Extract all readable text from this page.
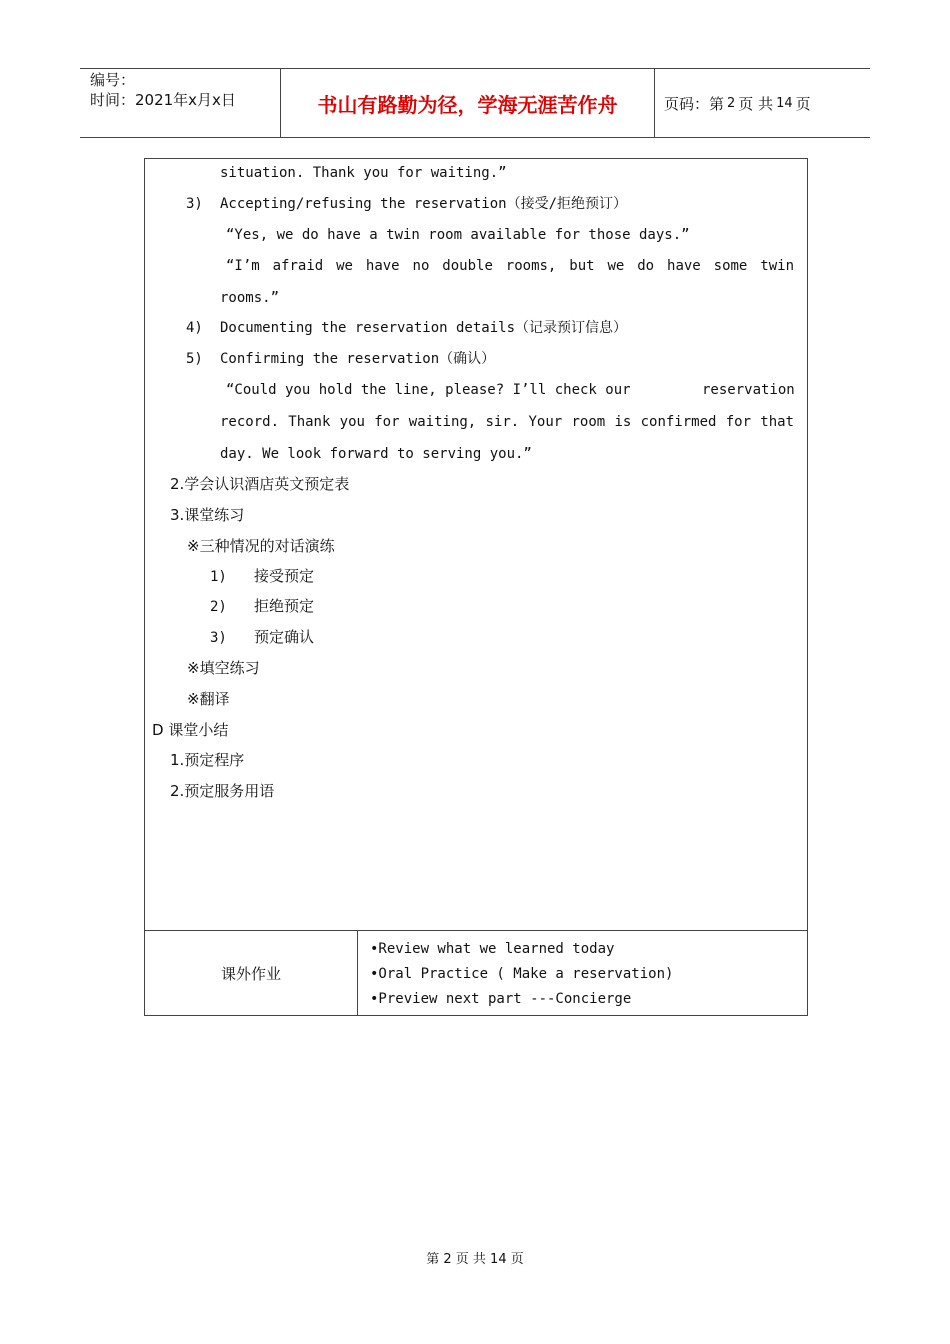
编号：
时间：2021年x月x日	书山有路勤为径，学海无涯苦作舟	页码：第 2 页 共 14 页
situation. Thank you for waiting.”
3) Accepting/refusing the reservation（接受/拒绝预订）
“Yes, we do have a twin room available for those days.”
“I’m afraid we have no double rooms, but we do have some twin
rooms.”
4) Documenting the reservation details（记录预订信息）
5) Confirming the reservation（确认）
“Could you hold the line, please? I’ll check our	reservation
record. Thank you for waiting, sir. Your room is confirmed for that
day. We look forward to serving you.”
2.学会认识酒店英文预定表
3.课堂练习
※三种情况的对话演练
1) 接受预定
2) 拒绝预定
3) 预定确认
※填空练习
※翻译
D 课堂小结
1.预定程序
2.预定服务用语
课外作业
•Review what we learned today
•Oral Practice ( Make a reservation)
•Preview next part ---Concierge
第 2 页 共 14 页
